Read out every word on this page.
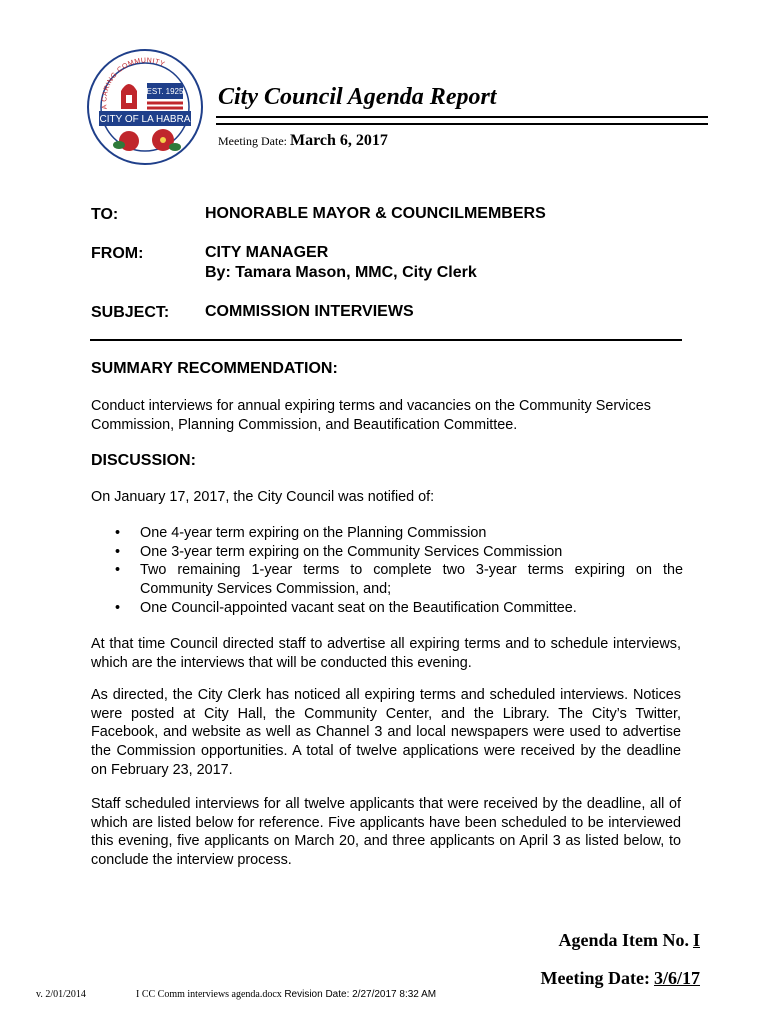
A CARING COMMUNITY
EST. 1925
CITY OF LA HABRA
City Council Agenda Report
Meeting Date: March 6, 2017
TO:	HONORABLE MAYOR & COUNCILMEMBERS
FROM:	CITY MANAGER
By: Tamara Mason, MMC, City Clerk
SUBJECT: COMMISSION INTERVIEWS
SUMMARY RECOMMENDATION:
Conduct interviews for annual expiring terms and vacancies on the Community Services
Commission, Planning Commission, and Beautification Committee.
DISCUSSION:
On January 17, 2017, the City Council was notified of:
• One 4-year term expiring on the Planning Commission
• One 3-year term expiring on the Community Services Commission
• Two remaining 1-year terms to complete two 3-year terms expiring on the Community Services Commission, and;
• One Council-appointed vacant seat on the Beautification Committee.
At that time Council directed staff to advertise all expiring terms and to schedule interviews, which are the interviews that will be conducted this evening.
As directed, the City Clerk has noticed all expiring terms and scheduled interviews. Notices were posted at City Hall, the Community Center, and the Library. The City’s Twitter, Facebook, and website as well as Channel 3 and local newspapers were used to advertise the Commission opportunities. A total of twelve applications were received by the deadline on February 23, 2017.
Staff scheduled interviews for all twelve applicants that were received by the deadline, all of which are listed below for reference. Five applicants have been scheduled to be interviewed this evening, five applicants on March 20, and three applicants on April 3 as listed below, to conclude the interview process.
Agenda Item No. I
Meeting Date: 3/6/17
v. 2/01/2014	I CC Comm interviews agenda.docx Revision Date: 2/27/2017 8:32 AM
